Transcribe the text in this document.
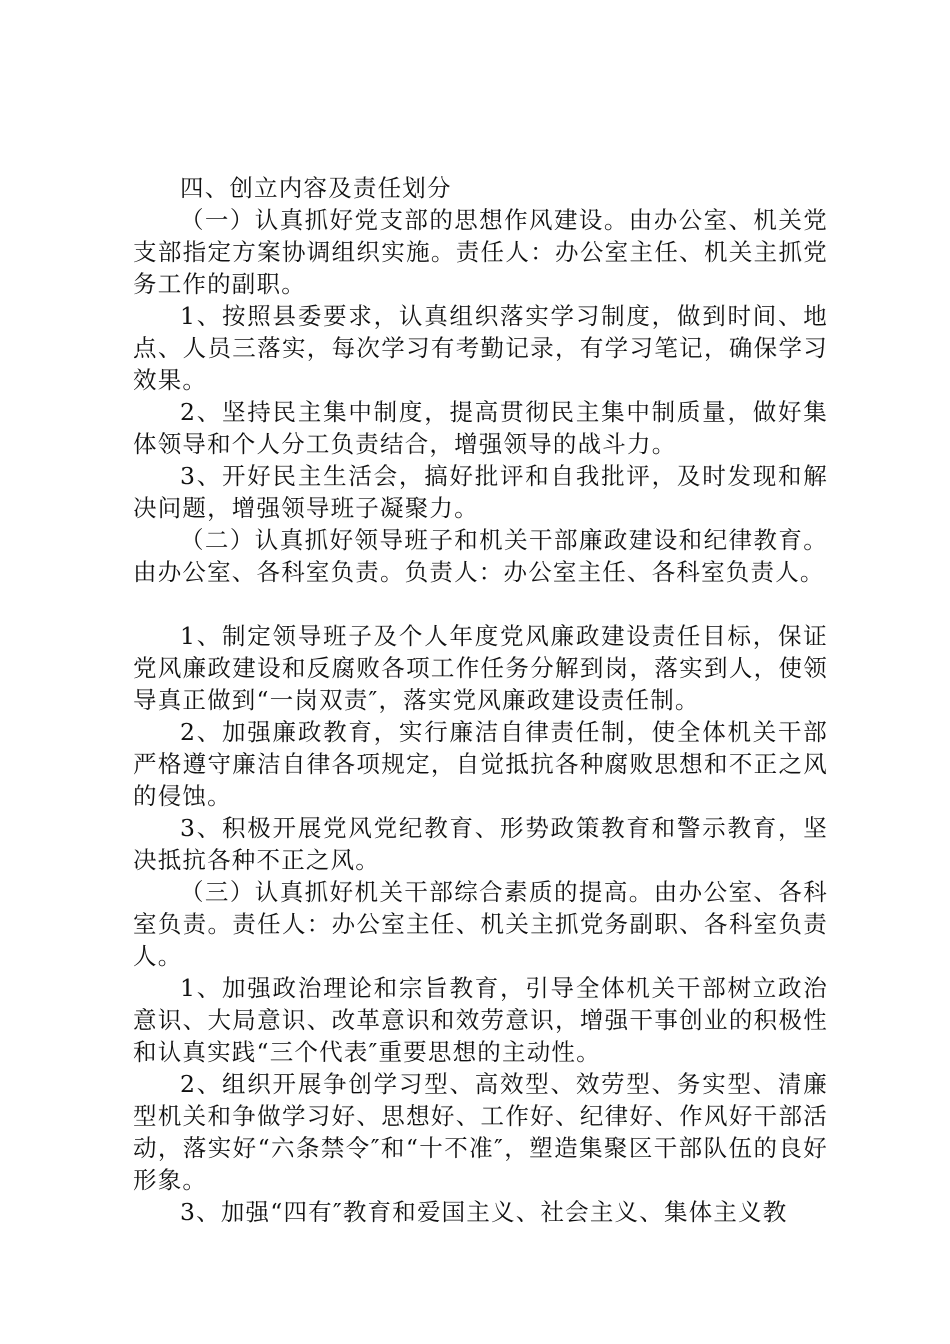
四、创立内容及责任划分

（一）认真抓好党支部的思想作风建设。由办公室、机关党支部指定方案协调组织实施。责任人：办公室主任、机关主抓党务工作的副职。

1、按照县委要求，认真组织落实学习制度，做到时间、地点、人员三落实，每次学习有考勤记录，有学习笔记，确保学习效果。

2、坚持民主集中制度，提高贯彻民主集中制质量，做好集体领导和个人分工负责结合，增强领导的战斗力。

3、开好民主生活会，搞好批评和自我批评，及时发现和解决问题，增强领导班子凝聚力。

（二）认真抓好领导班子和机关干部廉政建设和纪律教育。由办公室、各科室负责。负责人：办公室主任、各科室负责人。

1、制定领导班子及个人年度党风廉政建设责任目标，保证党风廉政建设和反腐败各项工作任务分解到岗，落实到人，使领导真正做到“一岗双责″，落实党风廉政建设责任制。

2、加强廉政教育，实行廉洁自律责任制，使全体机关干部严格遵守廉洁自律各项规定，自觉抵抗各种腐败思想和不正之风的侵蚀。

3、积极开展党风党纪教育、形势政策教育和警示教育，坚决抵抗各种不正之风。

（三）认真抓好机关干部综合素质的提高。由办公室、各科室负责。责任人：办公室主任、机关主抓党务副职、各科室负责人。

1、加强政治理论和宗旨教育，引导全体机关干部树立政治意识、大局意识、改革意识和效劳意识，增强干事创业的积极性和认真实践“三个代表″重要思想的主动性。

2、组织开展争创学习型、高效型、效劳型、务实型、清廉型机关和争做学习好、思想好、工作好、纪律好、作风好干部活动，落实好“六条禁令″和“十不准″，塑造集聚区干部队伍的良好形象。

3、加强“四有″教育和爱国主义、社会主义、集体主义教
